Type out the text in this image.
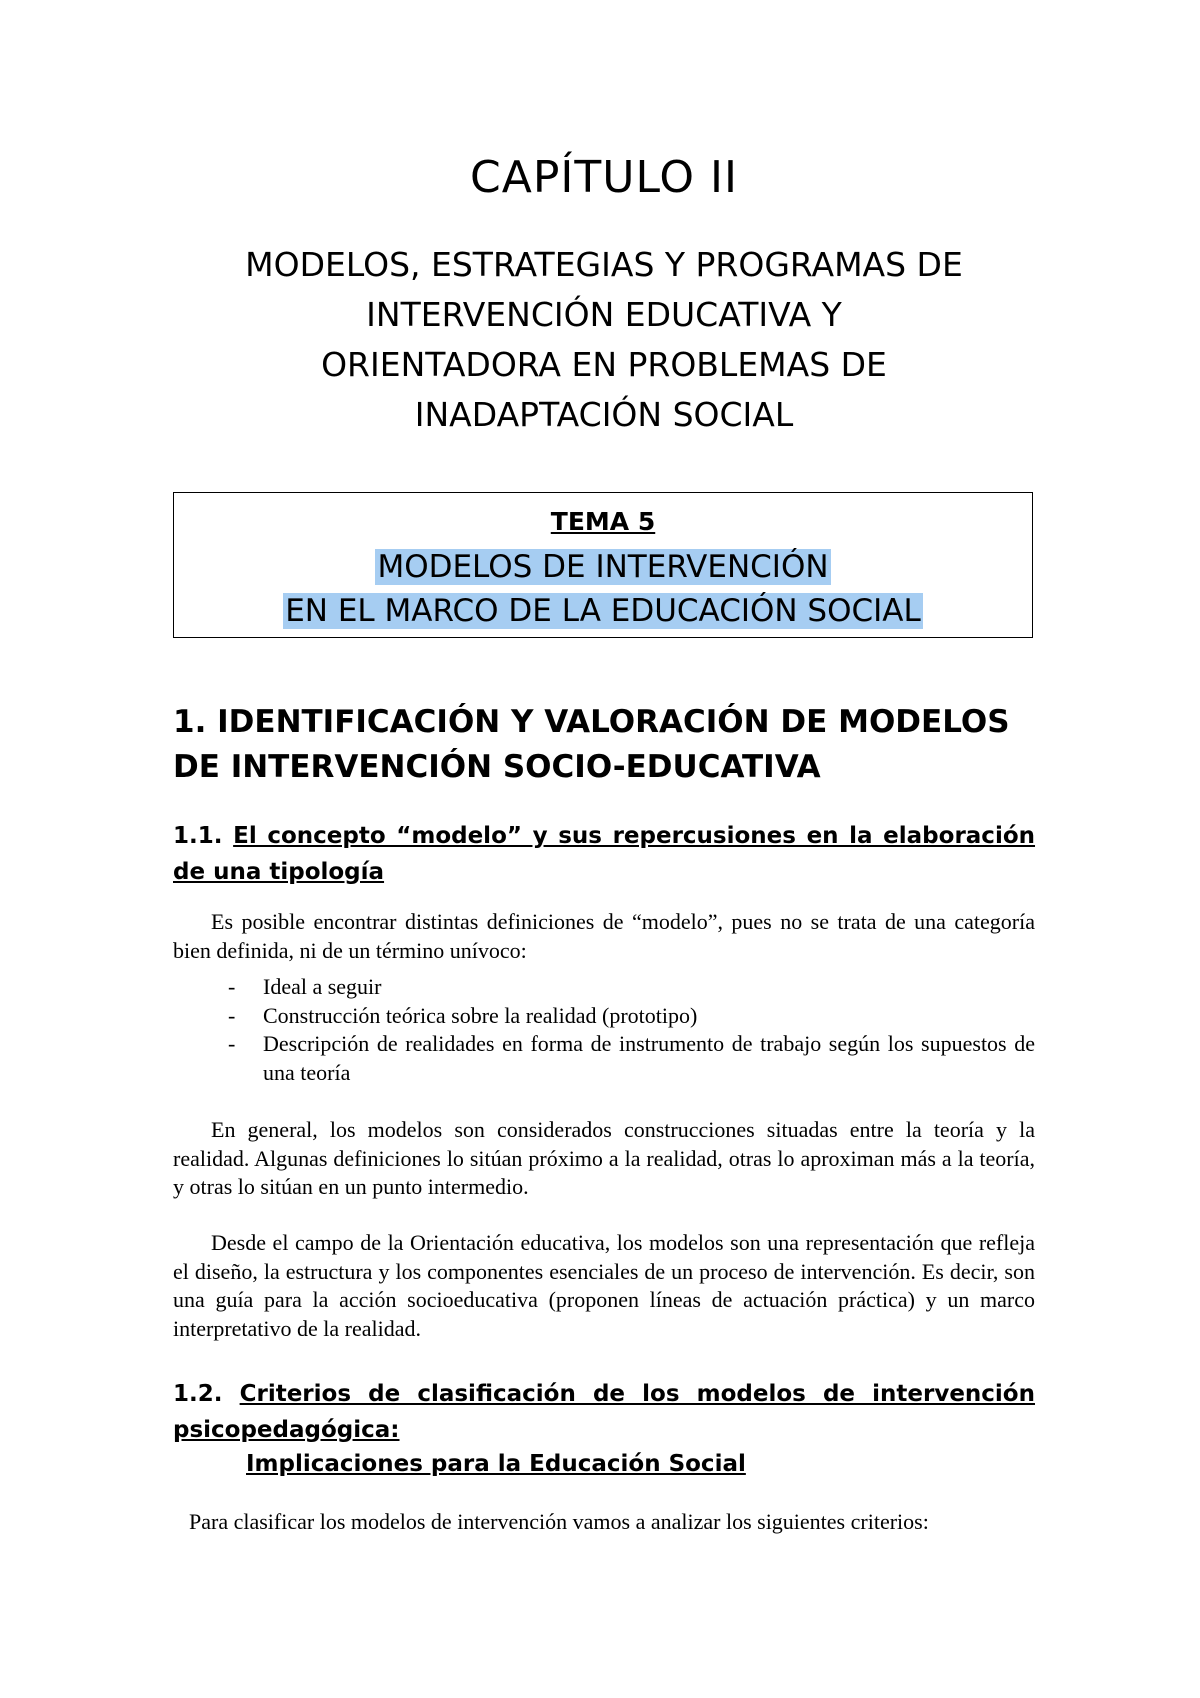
CAPÍTULO II
MODELOS, ESTRATEGIAS Y PROGRAMAS DE
INTERVENCIÓN EDUCATIVA Y
ORIENTADORA EN PROBLEMAS DE
INADAPTACIÓN SOCIAL
TEMA 5
MODELOS DE INTERVENCIÓN
EN EL MARCO DE LA EDUCACIÓN SOCIAL
1. IDENTIFICACIÓN Y VALORACIÓN DE MODELOS DE INTERVENCIÓN SOCIO-EDUCATIVA
1.1. El concepto “modelo” y sus repercusiones en la elaboración de una tipología
Es posible encontrar distintas definiciones de “modelo”, pues no se trata de una categoría bien definida, ni de un término unívoco:
- Ideal a seguir
- Construcción teórica sobre la realidad (prototipo)
- Descripción de realidades en forma de instrumento de trabajo según los supuestos de una teoría
En general, los modelos son considerados construcciones situadas entre la teoría y la realidad. Algunas definiciones lo sitúan próximo a la realidad, otras lo aproximan más a la teoría, y otras lo sitúan en un punto intermedio.
Desde el campo de la Orientación educativa, los modelos son una representación que refleja el diseño, la estructura y los componentes esenciales de un proceso de intervención. Es decir, son una guía para la acción socioeducativa (proponen líneas de actuación práctica) y un marco interpretativo de la realidad.
1.2. Criterios de clasificación de los modelos de intervención psicopedagógica:
Implicaciones para la Educación Social
Para clasificar los modelos de intervención vamos a analizar los siguientes criterios:
